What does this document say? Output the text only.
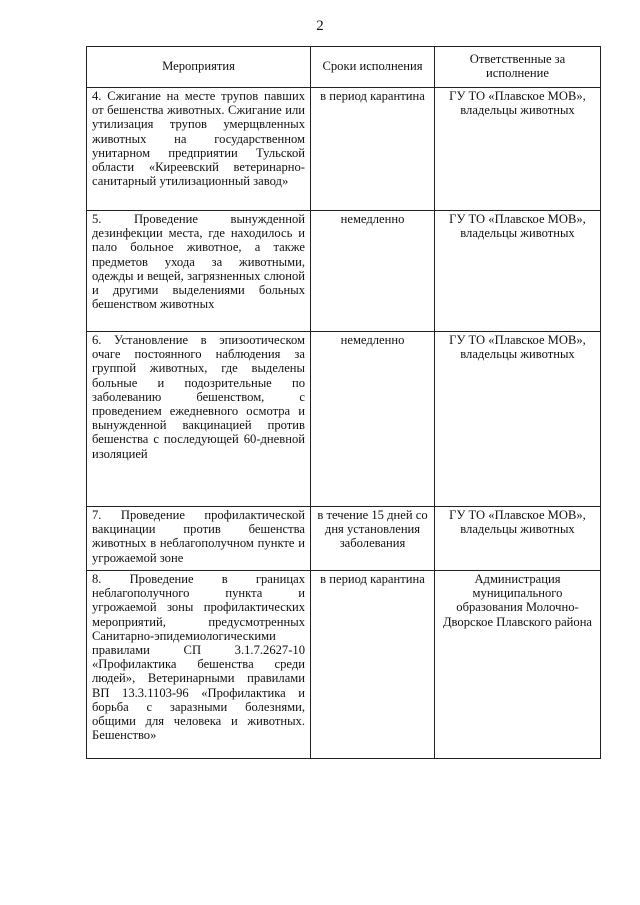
2
Мероприятия	Сроки исполнения	Ответственные за исполнение
4. Сжигание на месте трупов павших от бешенства животных. Сжигание или утилизация трупов умерщвленных животных на государственном унитарном предприятии Тульской области «Киреевский ветеринарно-санитарный утилизационный завод»	в период карантина	ГУ ТО «Плавское МОВ», владельцы животных
5. Проведение вынужденной дезинфекции места, где находилось и пало больное животное, а также предметов ухода за животными, одежды и вещей, загрязненных слюной и другими выделениями больных бешенством животных	немедленно	ГУ ТО «Плавское МОВ», владельцы животных
6. Установление в эпизоотическом очаге постоянного наблюдения за группой животных, где выделены больные и подозрительные по заболеванию бешенством, с проведением ежедневного осмотра и вынужденной вакцинацией против бешенства с последующей 60-дневной изоляцией	немедленно	ГУ ТО «Плавское МОВ», владельцы животных
7. Проведение профилактической вакцинации против бешенства животных в неблагополучном пункте и угрожаемой зоне	в течение 15 дней со дня установления заболевания	ГУ ТО «Плавское МОВ», владельцы животных
8. Проведение в границах неблагополучного пункта и угрожаемой зоны профилактических мероприятий, предусмотренных Санитарно-эпидемиологическими правилами СП 3.1.7.2627-10 «Профилактика бешенства среди людей», Ветеринарными правилами ВП 13.3.1103-96 «Профилактика и борьба с заразными болезнями, общими для человека и животных. Бешенство»	в период карантина	Администрация муниципального образования Молочно-Дворское Плавского района
